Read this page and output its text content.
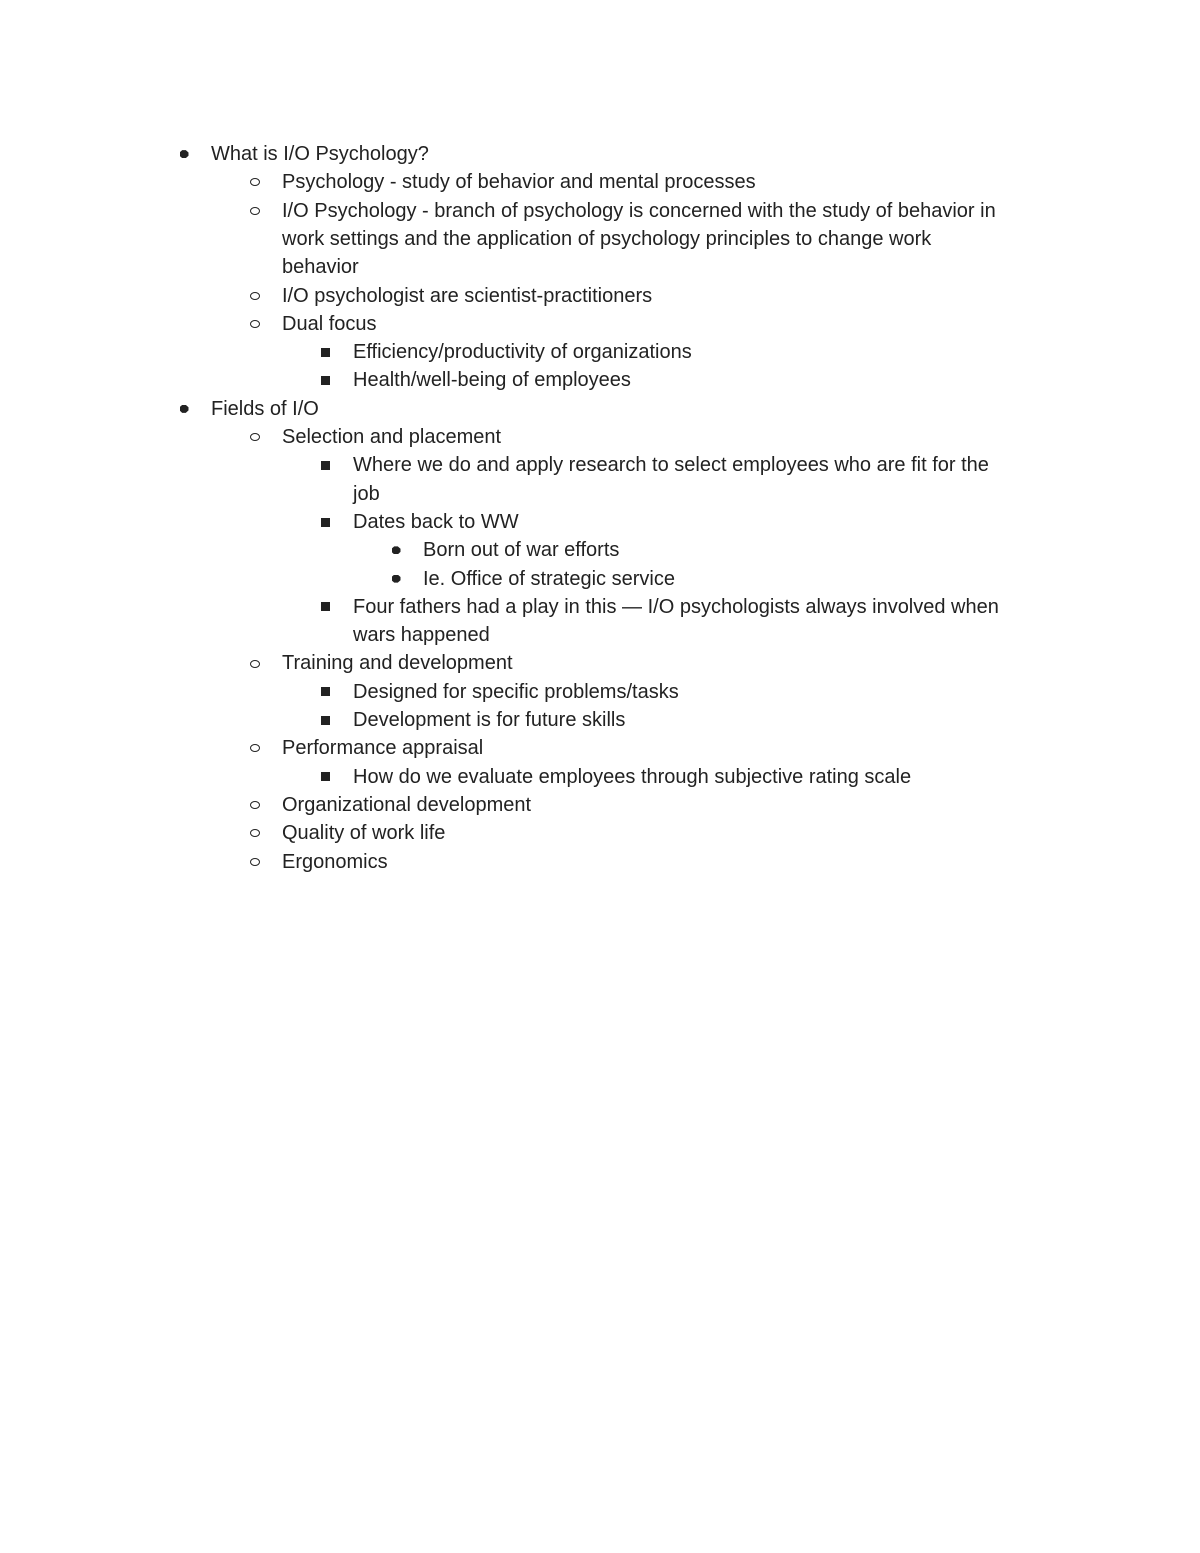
What is I/O Psychology?
Psychology - study of behavior and mental processes
I/O Psychology - branch of psychology is concerned with the study of behavior in
work settings and the application of psychology principles to change work
behavior
I/O psychologist are scientist-practitioners
Dual focus
Efficiency/productivity of organizations
Health/well-being of employees
Fields of I/O
Selection and placement
Where we do and apply research to select employees who are fit for the
job
Dates back to WW
Born out of war efforts
Ie. Office of strategic service
Four fathers had a play in this — I/O psychologists always involved when
wars happened
Training and development
Designed for specific problems/tasks
Development is for future skills
Performance appraisal
How do we evaluate employees through subjective rating scale
Organizational development
Quality of work life
Ergonomics
